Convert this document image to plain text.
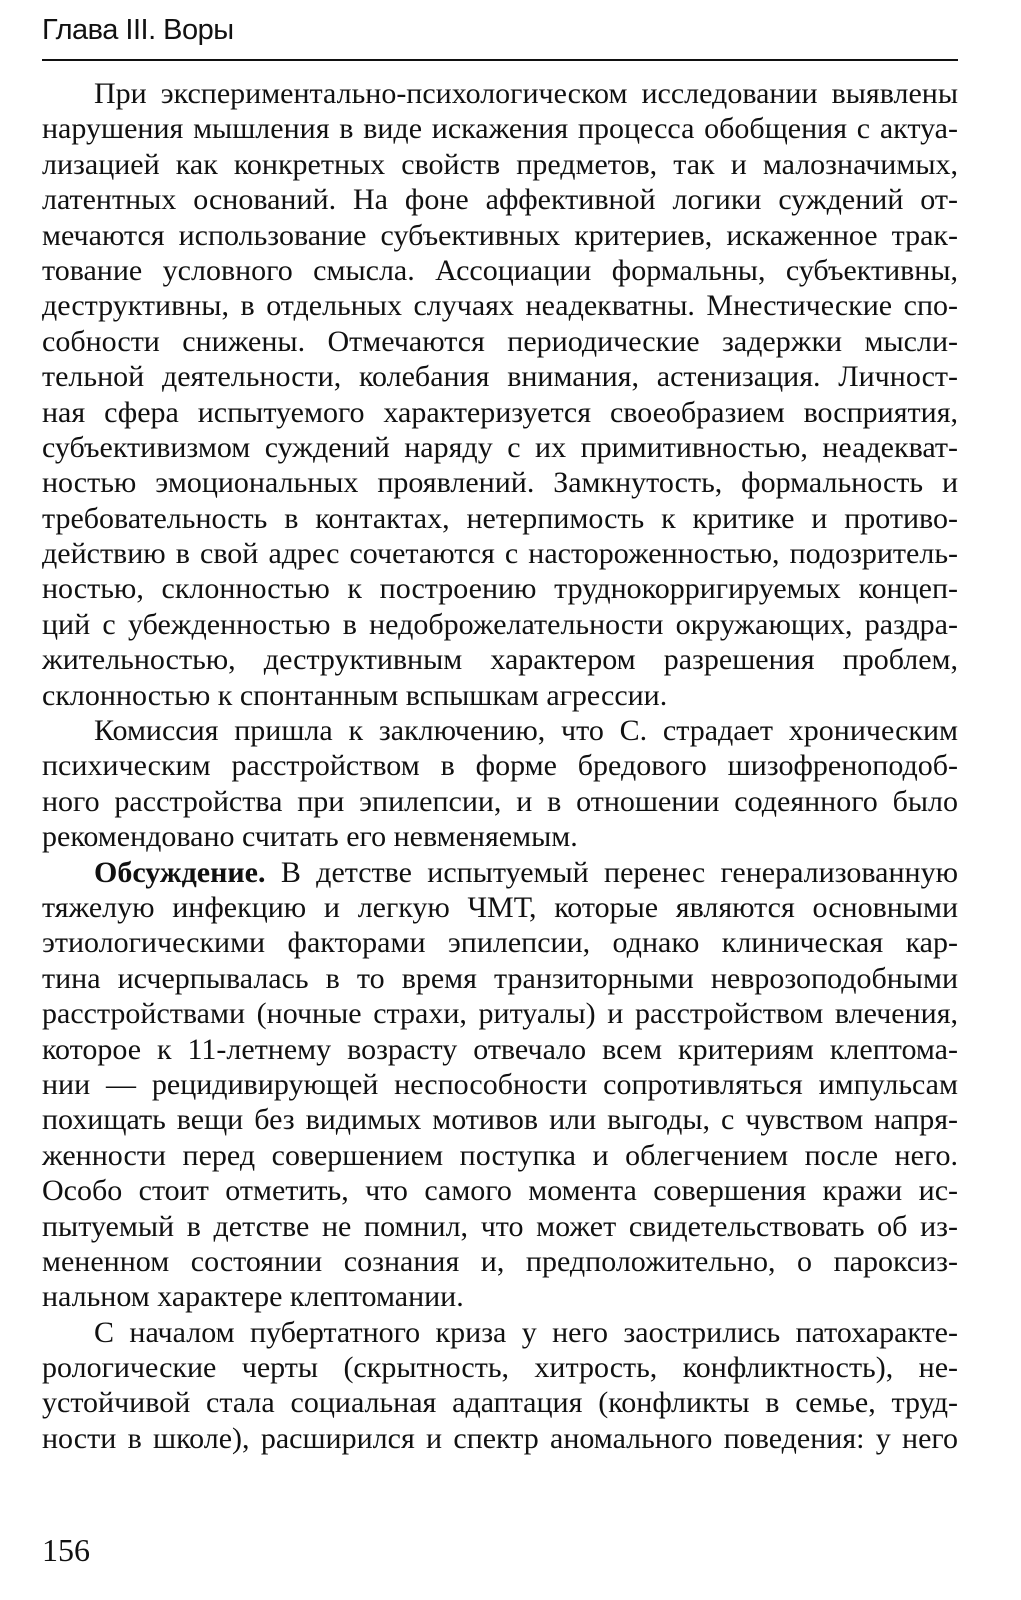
Глава III. Воры
При экспериментально-психологическом исследовании выявлены
нарушения мышления в виде искажения процесса обобщения с актуа-
лизацией как конкретных свойств предметов, так и малозначимых,
латентных оснований. На фоне аффективной логики суждений от-
мечаются использование субъективных критериев, искаженное трак-
тование условного смысла. Ассоциации формальны, субъективны,
деструктивны, в отдельных случаях неадекватны. Мнестические спо-
собности снижены. Отмечаются периодические задержки мысли-
тельной деятельности, колебания внимания, астенизация. Личност-
ная сфера испытуемого характеризуется своеобразием восприятия,
субъективизмом суждений наряду с их примитивностью, неадекват-
ностью эмоциональных проявлений. Замкнутость, формальность и
требовательность в контактах, нетерпимость к критике и противо-
действию в свой адрес сочетаются с настороженностью, подозритель-
ностью, склонностью к построению труднокорригируемых концеп-
ций с убежденностью в недоброжелательности окружающих, раздра-
жительностью, деструктивным характером разрешения проблем,
склонностью к спонтанным вспышкам агрессии.
Комиссия пришла к заключению, что С. страдает хроническим
психическим расстройством в форме бредового шизофреноподоб-
ного расстройства при эпилепсии, и в отношении содеянного было
рекомендовано считать его невменяемым.
Обсуждение. В детстве испытуемый перенес генерализованную
тяжелую инфекцию и легкую ЧМТ, которые являются основными
этиологическими факторами эпилепсии, однако клиническая кар-
тина исчерпывалась в то время транзиторными неврозоподобными
расстройствами (ночные страхи, ритуалы) и расстройством влечения,
которое к 11-летнему возрасту отвечало всем критериям клептома-
нии — рецидивирующей неспособности сопротивляться импульсам
похищать вещи без видимых мотивов или выгоды, с чувством напря-
женности перед совершением поступка и облегчением после него.
Особо стоит отметить, что самого момента совершения кражи ис-
пытуемый в детстве не помнил, что может свидетельствовать об из-
мененном состоянии сознания и, предположительно, о пароксиз-
нальном характере клептомании.
С началом пубертатного криза у него заострились патохаракте-
рологические черты (скрытность, хитрость, конфликтность), не-
устойчивой стала социальная адаптация (конфликты в семье, труд-
ности в школе), расширился и спектр аномального поведения: у него
156
